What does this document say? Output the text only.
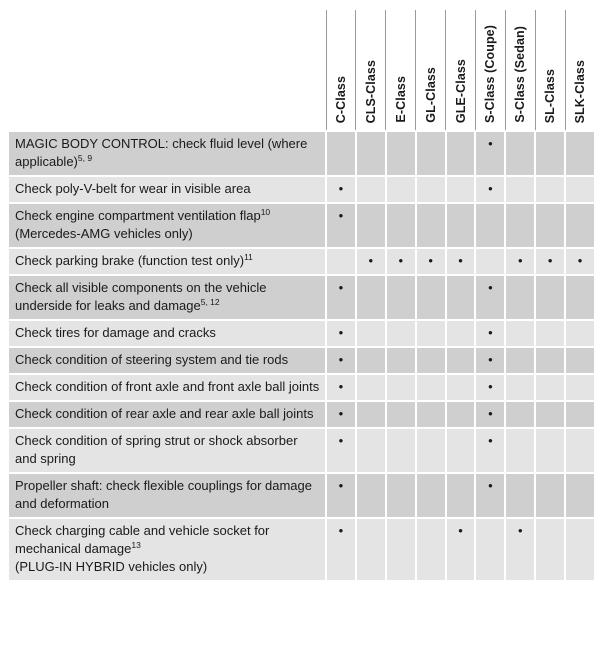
	C-Class	CLS-Class	E-Class	GL-Class	GLE-Class	S-Class (Coupe)	S-Class (Sedan)	SL-Class	SLK-Class

MAGIC BODY CONTROL: check fluid level (where applicable)$^{5, 9}$						•			

Check poly-V-belt for wear in visible area	•					•			

Check engine compartment ventilation flap$^{10}$
(Mercedes-AMG vehicles only)	•								

Check parking brake (function test only)$^{11}$		•	•	•	•		•	•	•

Check all visible components on the vehicle underside for leaks and damage$^{5, 12}$	•					•			

Check tires for damage and cracks	•					•			

Check condition of steering system and tie rods	•					•			

Check condition of front axle and front axle ball joints	•					•			

Check condition of rear axle and rear axle ball joints	•					•			

Check condition of spring strut or shock absorber and spring	•					•			

Propeller shaft: check flexible couplings for damage and deformation	•					•			

Check charging cable and vehicle socket for mechanical damage$^{13}$
(PLUG-IN HYBRID vehicles only)	•				•		•		
